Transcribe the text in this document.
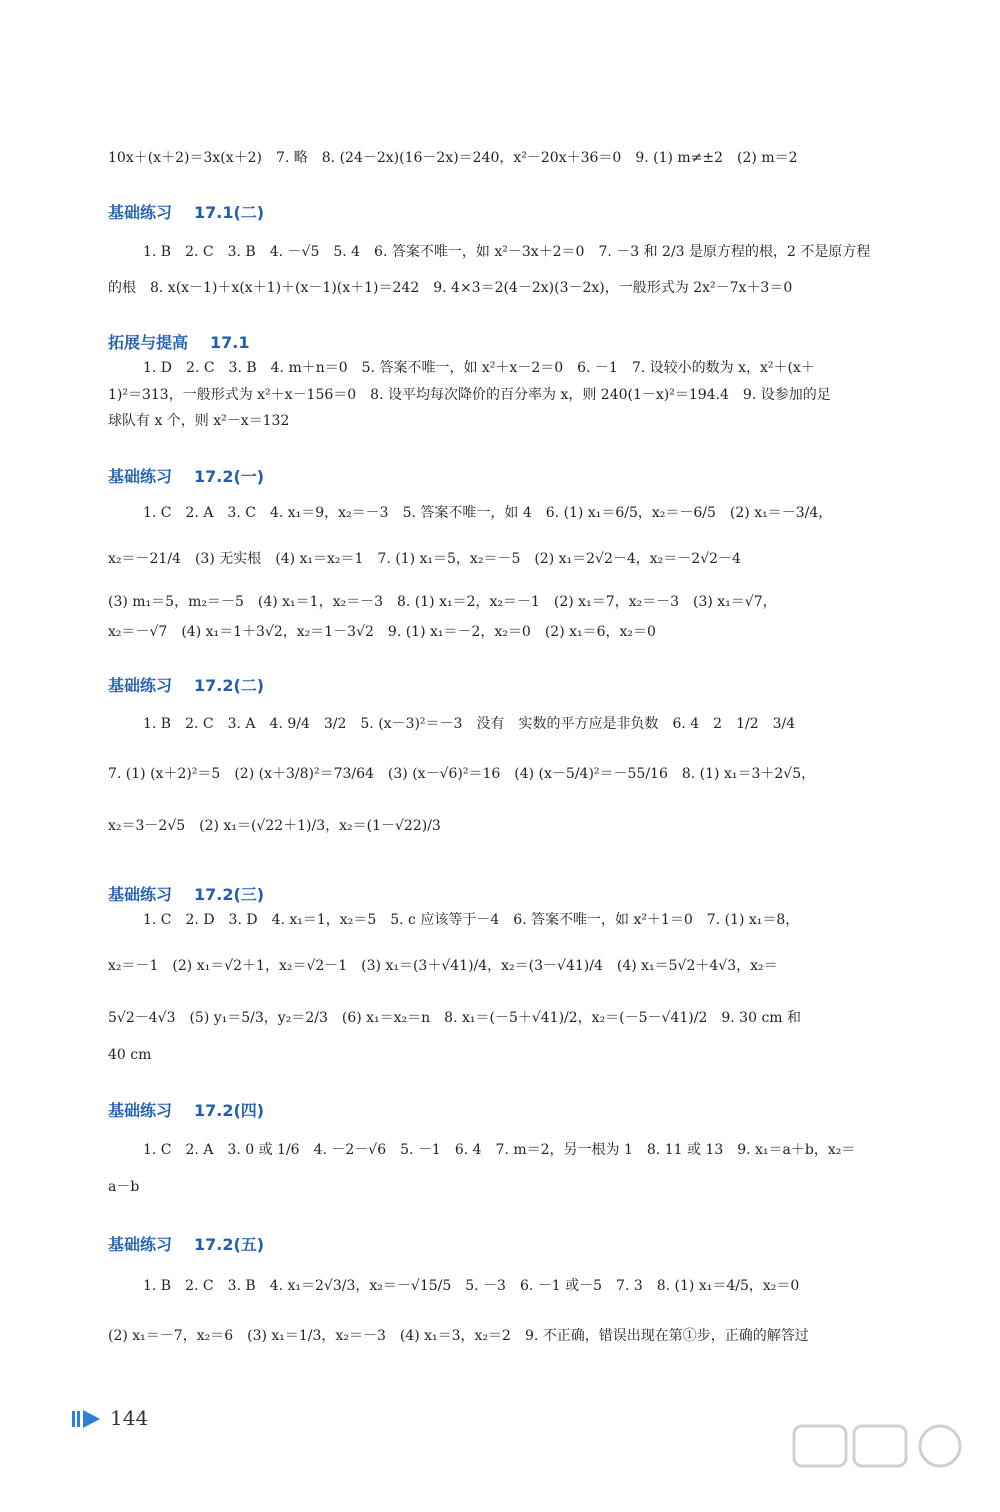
10x＋(x＋2)＝3x(x＋2)　7. 略　8. (24－2x)(16－2x)＝240，x²－20x＋36＝0　9. (1) m≠±2　(2) m＝2
基础练习 17.1(二)
1. B　2. C　3. B　4. －√5　5. 4　6. 答案不唯一，如 x²－3x＋2＝0　7. －3 和 2/3 是原方程的根，2 不是原方程
的根　8. x(x－1)＋x(x＋1)＋(x－1)(x＋1)＝242　9. 4×3＝2(4－2x)(3－2x)，一般形式为 2x²－7x＋3＝0
拓展与提高 17.1
1. D　2. C　3. B　4. m＋n＝0　5. 答案不唯一，如 x²＋x－2＝0　6. －1　7. 设较小的数为 x，x²＋(x＋
1)²＝313，一般形式为 x²＋x－156＝0　8. 设平均每次降价的百分率为 x，则 240(1－x)²＝194.4　9. 设参加的足
球队有 x 个，则 x²－x＝132
基础练习 17.2(一)
1. C　2. A　3. C　4. x₁＝9，x₂＝－3　5. 答案不唯一，如 4　6. (1) x₁＝6/5，x₂＝－6/5　(2) x₁＝－3/4，
x₂＝－21/4　(3) 无实根　(4) x₁＝x₂＝1　7. (1) x₁＝5，x₂＝－5　(2) x₁＝2√2－4，x₂＝－2√2－4
(3) m₁＝5，m₂＝－5　(4) x₁＝1，x₂＝－3　8. (1) x₁＝2，x₂＝－1　(2) x₁＝7，x₂＝－3　(3) x₁＝√7，
x₂＝－√7　(4) x₁＝1＋3√2，x₂＝1－3√2　9. (1) x₁＝－2，x₂＝0　(2) x₁＝6，x₂＝0
基础练习 17.2(二)
1. B　2. C　3. A　4. 9/4　3/2　5. (x－3)²＝－3　没有　实数的平方应是非负数　6. 4　2　1/2　3/4
7. (1) (x＋2)²＝5　(2) (x＋3/8)²＝73/64　(3) (x－√6)²＝16　(4) (x－5/4)²＝－55/16　8. (1) x₁＝3＋2√5，
x₂＝3－2√5　(2) x₁＝(√22＋1)/3，x₂＝(1－√22)/3
基础练习 17.2(三)
1. C　2. D　3. D　4. x₁＝1，x₂＝5　5. c 应该等于－4　6. 答案不唯一，如 x²＋1＝0　7. (1) x₁＝8，
x₂＝－1　(2) x₁＝√2＋1，x₂＝√2－1　(3) x₁＝(3＋√41)/4，x₂＝(3－√41)/4　(4) x₁＝5√2＋4√3，x₂＝
5√2－4√3　(5) y₁＝5/3，y₂＝2/3　(6) x₁＝x₂＝n　8. x₁＝(－5＋√41)/2，x₂＝(－5－√41)/2　9. 30 cm 和
40 cm
基础练习 17.2(四)
1. C　2. A　3. 0 或 1/6　4. －2－√6　5. －1　6. 4　7. m＝2，另一根为 1　8. 11 或 13　9. x₁＝a＋b，x₂＝
a－b
基础练习 17.2(五)
1. B　2. C　3. B　4. x₁＝2√3/3，x₂＝－√15/5　5. －3　6. －1 或－5　7. 3　8. (1) x₁＝4/5，x₂＝0
(2) x₁＝－7，x₂＝6　(3) x₁＝1/3，x₂＝－3　(4) x₁＝3，x₂＝2　9. 不正确，错误出现在第①步，正确的解答过
144
